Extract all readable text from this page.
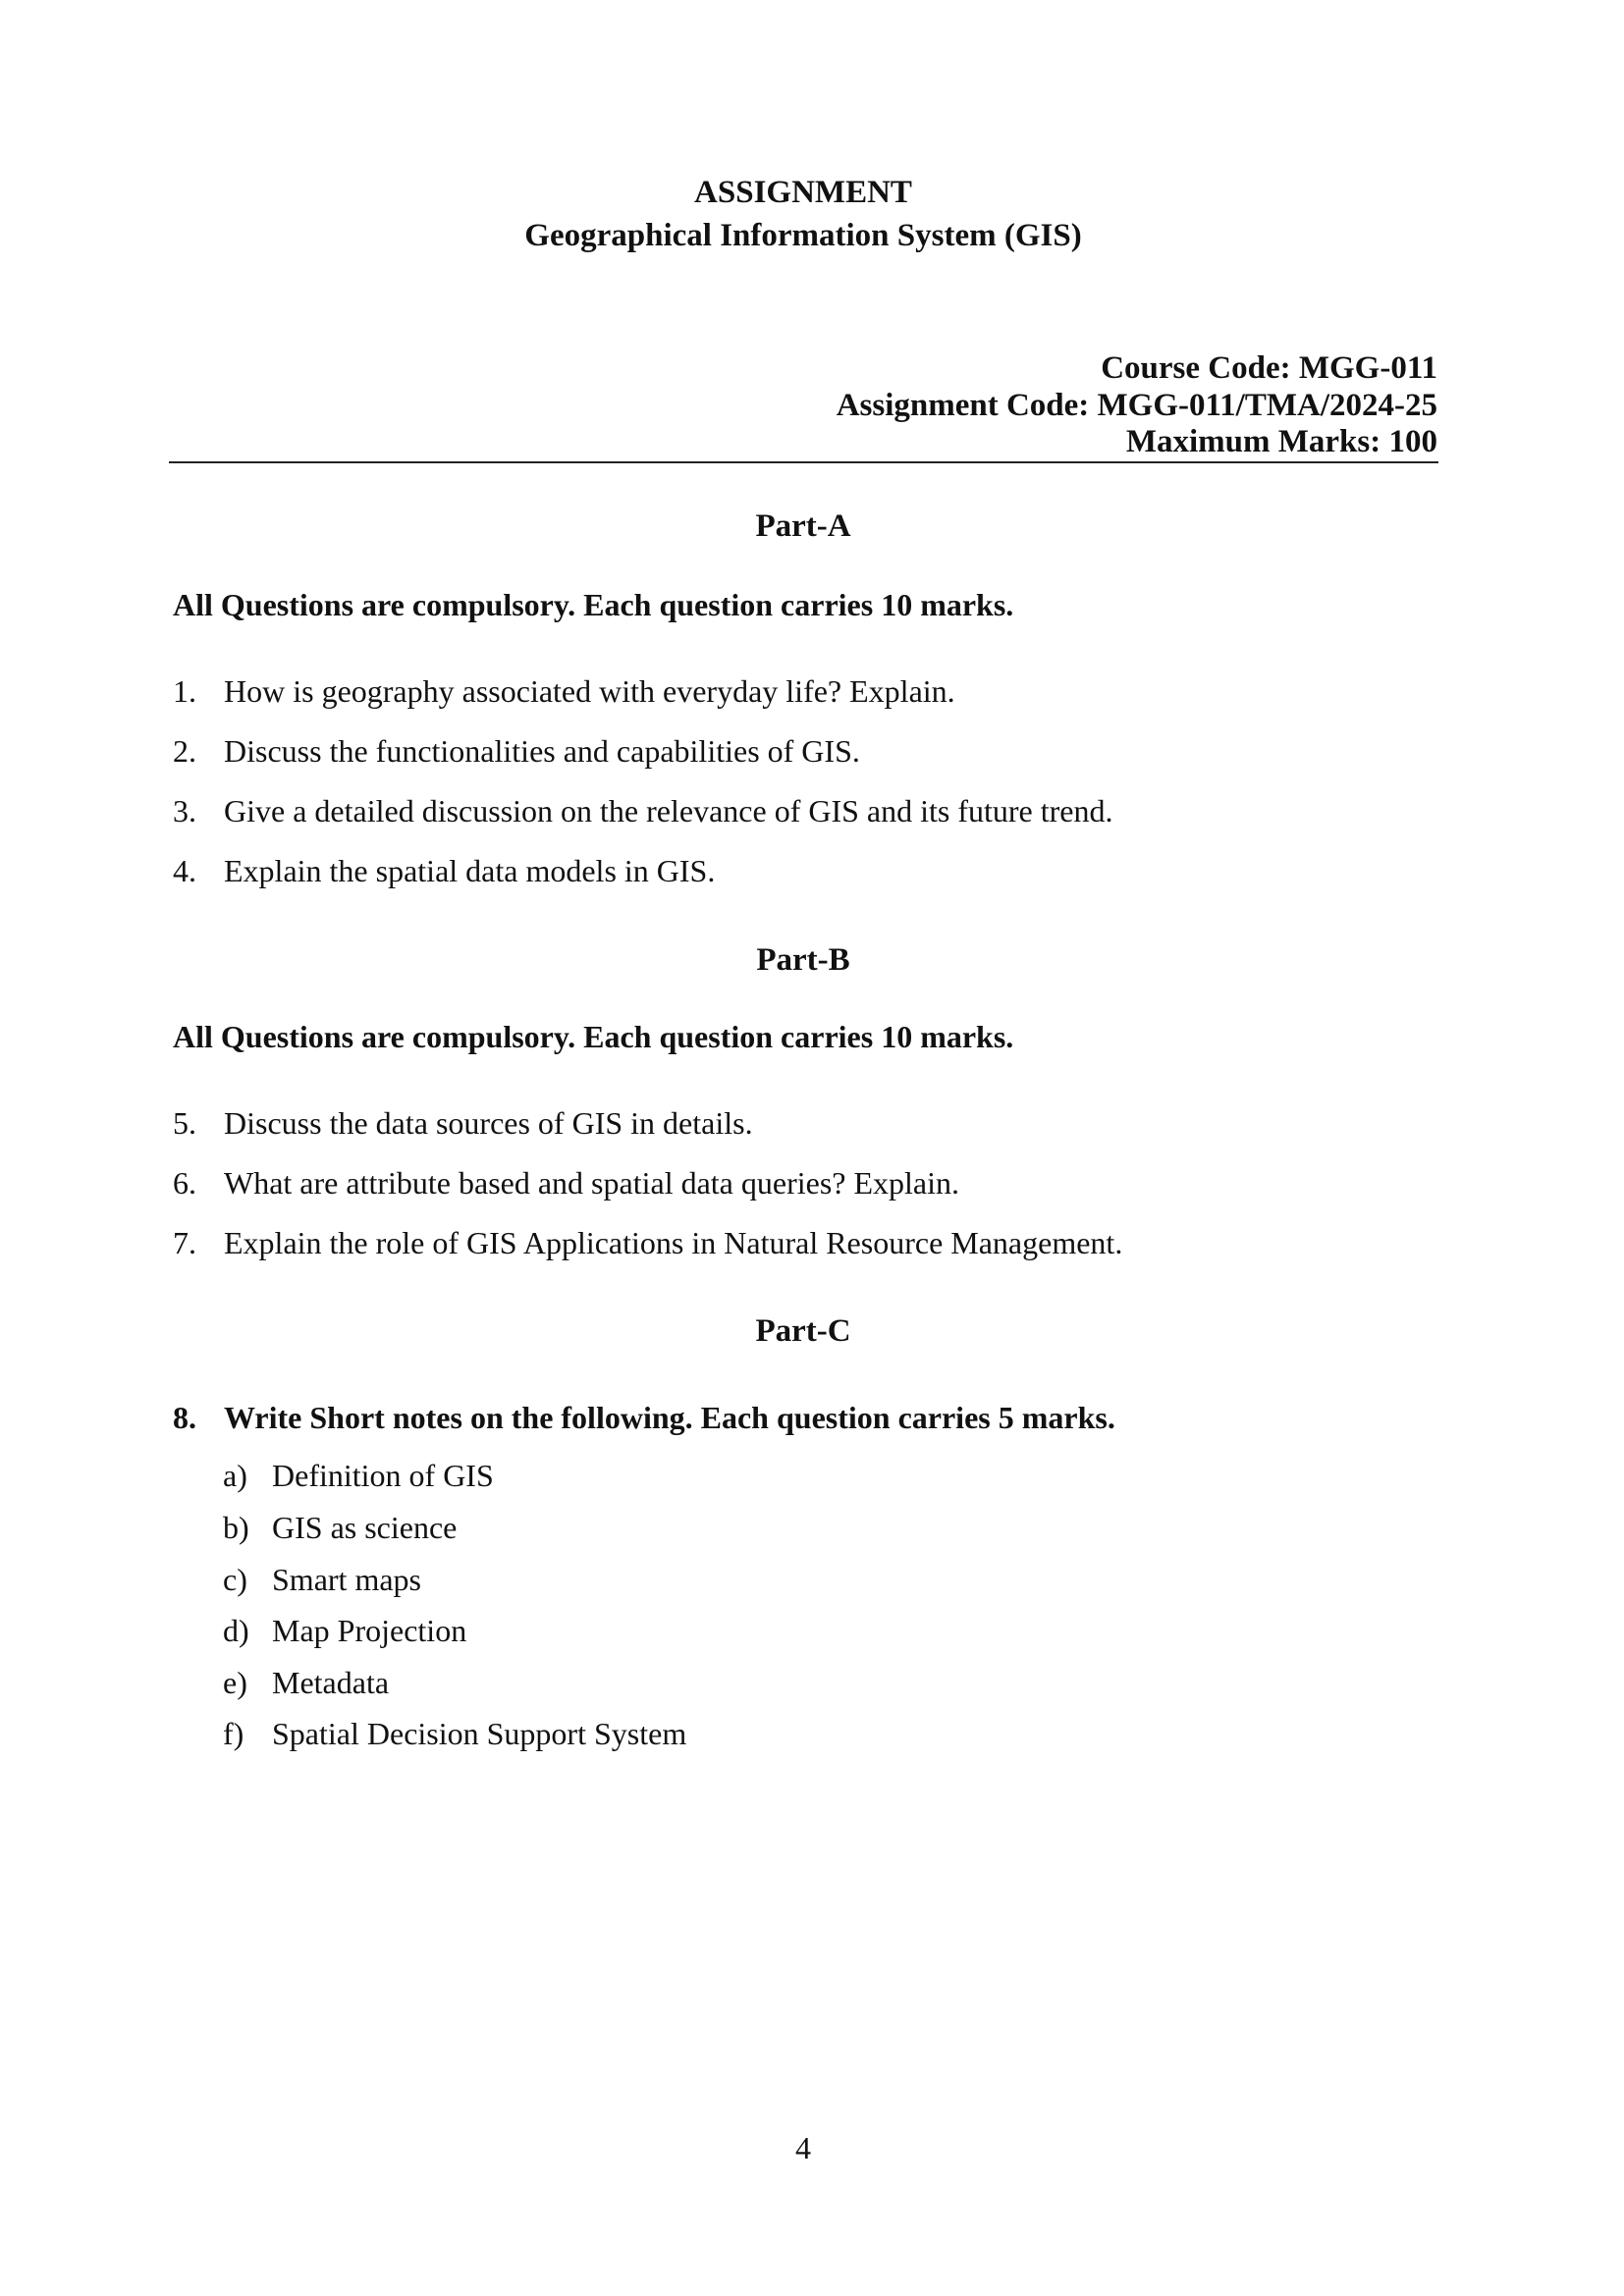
ASSIGNMENT
Geographical Information System (GIS)
Course Code: MGG-011
Assignment Code: MGG-011/TMA/2024-25
Maximum Marks: 100
Part-A
All Questions are compulsory. Each question carries 10 marks.
1. How is geography associated with everyday life? Explain.
2. Discuss the functionalities and capabilities of GIS.
3. Give a detailed discussion on the relevance of GIS and its future trend.
4. Explain the spatial data models in GIS.
Part-B
All Questions are compulsory. Each question carries 10 marks.
5. Discuss the data sources of GIS in details.
6. What are attribute based and spatial data queries? Explain.
7. Explain the role of GIS Applications in Natural Resource Management.
Part-C
8. Write Short notes on the following. Each question carries 5 marks.
a) Definition of GIS
b) GIS as science
c) Smart maps
d) Map Projection
e) Metadata
f) Spatial Decision Support System
4
